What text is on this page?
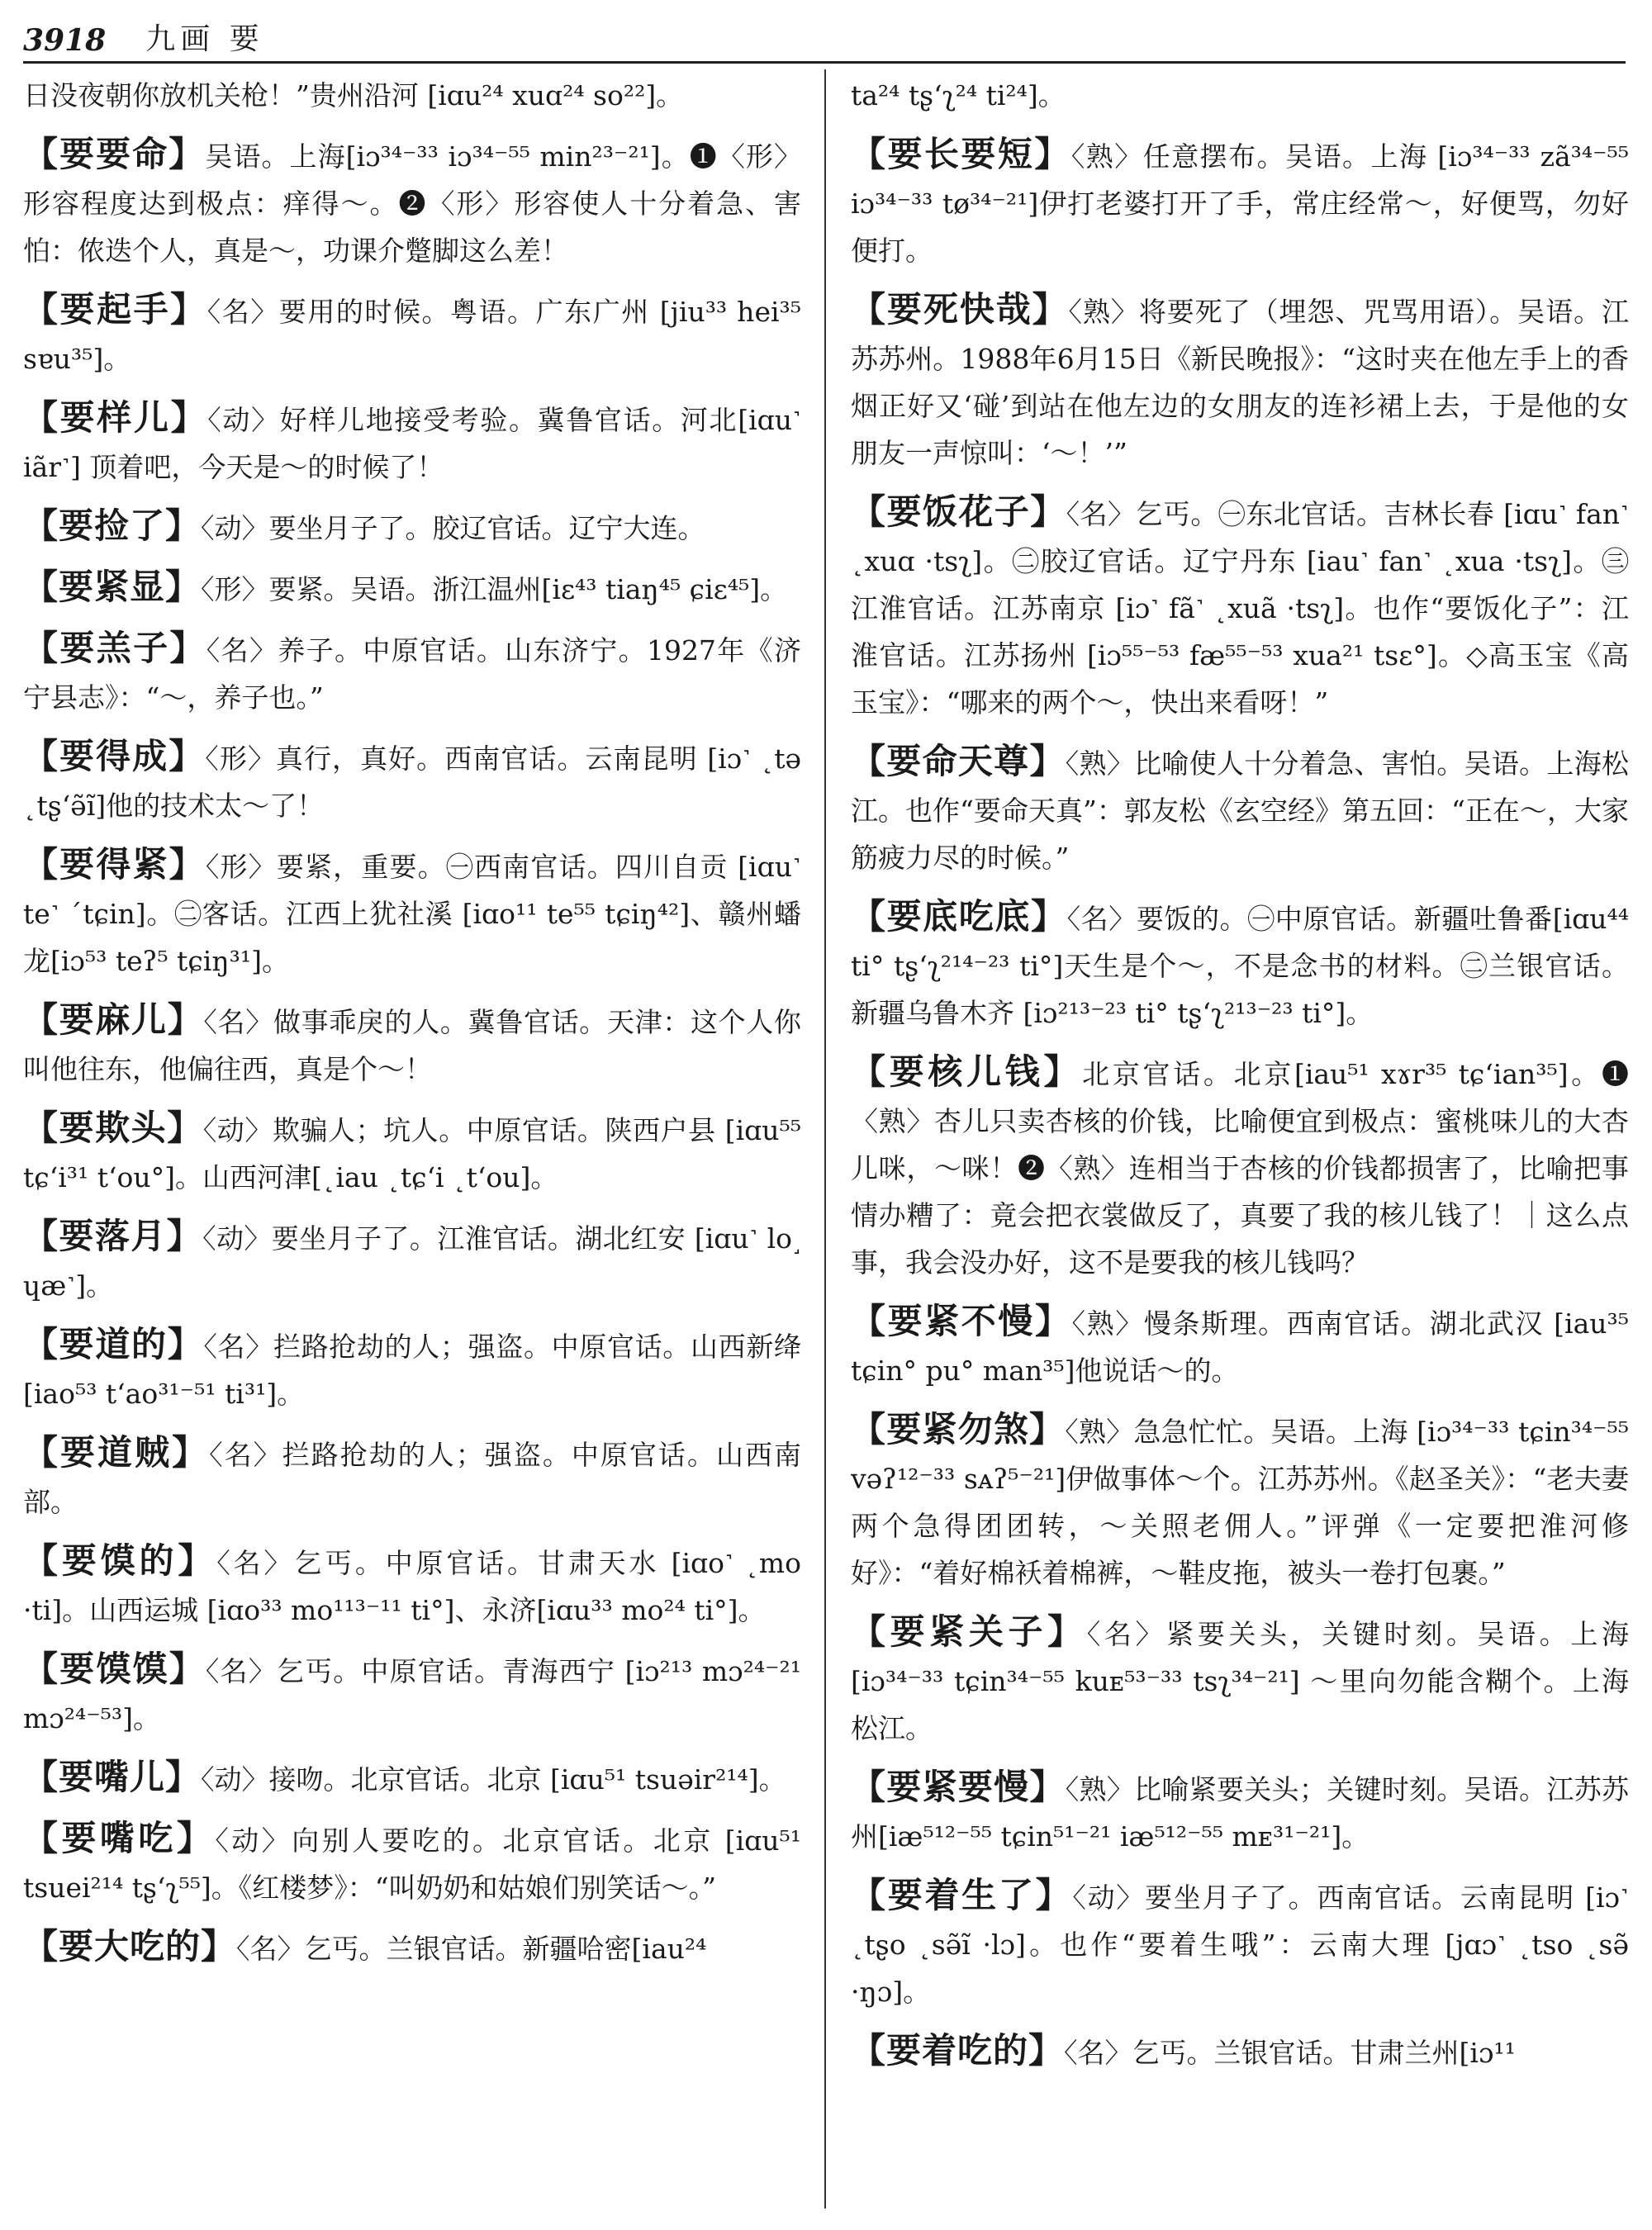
3918 九画 要

日没夜朝你放机关枪！”贵州沿河 [iɑu²⁴ xuɑ²⁴ so²²]。

【要要命】吴语。上海[iɔ³⁴⁻³³ iɔ³⁴⁻⁵⁵ min²³⁻²¹]。❶〈形〉形容程度达到极点：痒得～。❷〈形〉形容使人十分着急、害怕：侬迭个人，真是～，功课介蹩脚这么差！

【要起手】〈名〉要用的时候。粤语。广东广州 [jiu³³ hei³⁵ sɐu³⁵]。

【要样儿】〈动〉好样儿地接受考验。冀鲁官话。河北[iɑu˺ iãr˺] 顶着吧，今天是～的时候了！

【要捡了】〈动〉要坐月子了。胶辽官话。辽宁大连。

【要紧显】〈形〉要紧。吴语。浙江温州[iɛ⁴³ tiaŋ⁴⁵ ɕiɛ⁴⁵]。

【要羔子】〈名〉养子。中原官话。山东济宁。1927年《济宁县志》：“～，养子也。”

【要得成】〈形〉真行，真好。西南官话。云南昆明 [iɔ˺ ˛tə ˛tʂʻə̃ĩ]他的技术太～了！

【要得紧】〈形〉要紧，重要。㊀西南官话。四川自贡 [iɑu˺ te˺ ˊtɕin]。㊁客话。江西上犹社溪 [iɑo¹¹ te⁵⁵ tɕiŋ⁴²]、赣州蟠龙[iɔ⁵³ teʔ⁵ tɕiŋ³¹]。

【要麻儿】〈名〉做事乖戾的人。冀鲁官话。天津：这个人你叫他往东，他偏往西，真是个～！

【要欺头】〈动〉欺骗人；坑人。中原官话。陕西户县 [iɑu⁵⁵ tɕʻi³¹ tʻou°]。山西河津[˛iau ˛tɕʻi ˛tʻou]。

【要落月】〈动〉要坐月子了。江淮官话。湖北红安 [iɑu˺ lo˼ ɥæ˺]。

【要道的】〈名〉拦路抢劫的人；强盗。中原官话。山西新绛[iao⁵³ tʻao³¹⁻⁵¹ ti³¹]。

【要道贼】〈名〉拦路抢劫的人；强盗。中原官话。山西南部。

【要馍的】〈名〉乞丐。中原官话。甘肃天水 [iɑo˺ ˛mo ·ti]。山西运城 [iɑo³³ mo¹¹³⁻¹¹ ti°]、永济[iɑu³³ mo²⁴ ti°]。

【要馍馍】〈名〉乞丐。中原官话。青海西宁 [iɔ²¹³ mɔ²⁴⁻²¹ mɔ²⁴⁻⁵³]。

【要嘴儿】〈动〉接吻。北京官话。北京 [iɑu⁵¹ tsuəir²¹⁴]。

【要嘴吃】〈动〉向别人要吃的。北京官话。北京 [iɑu⁵¹ tsuei²¹⁴ tʂʻʅ⁵⁵]。《红楼梦》：“叫奶奶和姑娘们别笑话～。”

【要大吃的】〈名〉乞丐。兰银官话。新疆哈密[iau²⁴

ta²⁴ tʂʻʅ²⁴ ti²⁴]。

【要长要短】〈熟〉任意摆布。吴语。上海 [iɔ³⁴⁻³³ zã³⁴⁻⁵⁵ iɔ³⁴⁻³³ tø³⁴⁻²¹]伊打老婆打开了手，常庄经常～，好便骂，勿好便打。

【要死快哉】〈熟〉将要死了（埋怨、咒骂用语）。吴语。江苏苏州。1988年6月15日《新民晚报》：“这时夹在他左手上的香烟正好又‘碰’到站在他左边的女朋友的连衫裙上去，于是他的女朋友一声惊叫：‘～！’”

【要饭花子】〈名〉乞丐。㊀东北官话。吉林长春 [iɑu˺ fan˺ ˛xuɑ ·tsʅ]。㊁胶辽官话。辽宁丹东 [iau˺ fan˺ ˛xua ·tsʅ]。㊂江淮官话。江苏南京 [iɔ˺ fã˺ ˛xuã ·tsʅ]。也作“要饭化子”：江淮官话。江苏扬州 [iɔ⁵⁵⁻⁵³ fæ⁵⁵⁻⁵³ xua²¹ tsɛ°]。◇高玉宝《高玉宝》：“哪来的两个～，快出来看呀！”

【要命天尊】〈熟〉比喻使人十分着急、害怕。吴语。上海松江。也作“要命天真”：郭友松《玄空经》第五回：“正在～，大家筋疲力尽的时候。”

【要底吃底】〈名〉要饭的。㊀中原官话。新疆吐鲁番[iɑu⁴⁴ ti° tʂʻʅ²¹⁴⁻²³ ti°]天生是个～，不是念书的材料。㊁兰银官话。新疆乌鲁木齐 [iɔ²¹³⁻²³ ti° tʂʻʅ²¹³⁻²³ ti°]。

【要核儿钱】北京官话。北京[iau⁵¹ xɤr³⁵ tɕʻian³⁵]。❶〈熟〉杏儿只卖杏核的价钱，比喻便宜到极点：蜜桃味儿的大杏儿咪，～咪！❷〈熟〉连相当于杏核的价钱都损害了，比喻把事情办糟了：竟会把衣裳做反了，真要了我的核儿钱了！｜这么点事，我会没办好，这不是要我的核儿钱吗？

【要紧不慢】〈熟〉慢条斯理。西南官话。湖北武汉 [iau³⁵ tɕin° pu° man³⁵]他说话～的。

【要紧勿煞】〈熟〉急急忙忙。吴语。上海 [iɔ³⁴⁻³³ tɕin³⁴⁻⁵⁵ vəʔ¹²⁻³³ sᴀʔ⁵⁻²¹]伊做事体～个。江苏苏州。《赵圣关》：“老夫妻两个急得团团转，～关照老佣人。”评弹《一定要把淮河修好》：“着好棉袄着棉裤，～鞋皮拖，被头一卷打包裹。”

【要紧关子】〈名〉紧要关头，关键时刻。吴语。上海 [iɔ³⁴⁻³³ tɕin³⁴⁻⁵⁵ kuᴇ⁵³⁻³³ tsʅ³⁴⁻²¹] ～里向勿能含糊个。上海松江。

【要紧要慢】〈熟〉比喻紧要关头；关键时刻。吴语。江苏苏州[iæ⁵¹²⁻⁵⁵ tɕin⁵¹⁻²¹ iæ⁵¹²⁻⁵⁵ mᴇ³¹⁻²¹]。

【要着生了】〈动〉要坐月子了。西南官话。云南昆明 [iɔ˺ ˛tʂo ˛sə̃ĩ ·lɔ]。也作“要着生哦”：云南大理 [jɑɔ˺ ˛tso ˛sə̃ ·ŋɔ]。

【要着吃的】〈名〉乞丐。兰银官话。甘肃兰州[iɔ¹¹
